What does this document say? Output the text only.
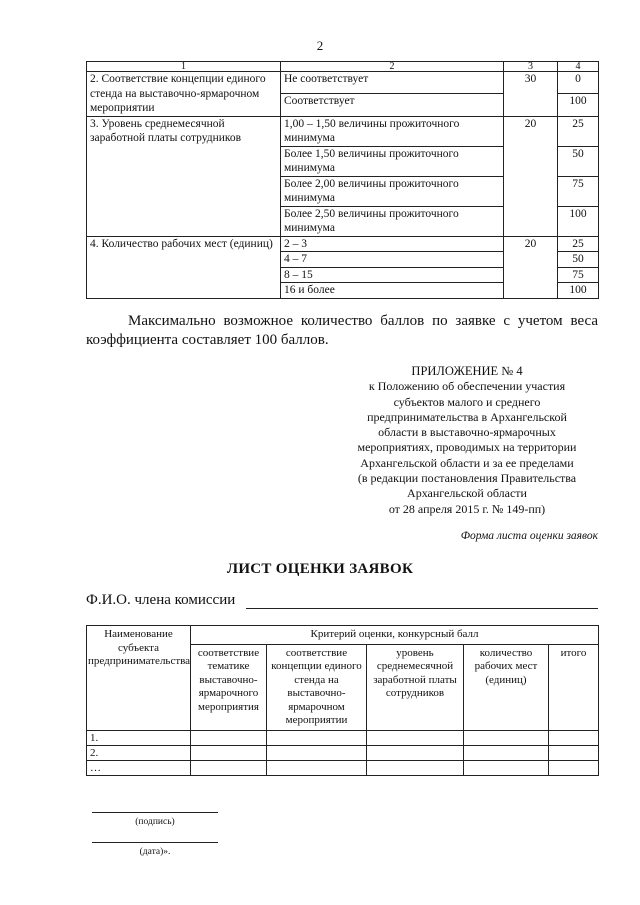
2
1	2	3	4
2. Соответствие концепции единого стенда на выставочно-ярмарочном мероприятии	Не соответствует	30	0
	Соответствует		100
3. Уровень среднемесячной заработной платы сотрудников	1,00 – 1,50 величины прожиточного минимума	20	25
	Более 1,50 величины прожиточного минимума		50
	Более 2,00 величины прожиточного минимума		75
	Более 2,50 величины прожиточного минимума		100
4. Количество рабочих мест (единиц)	2 – 3	20	25
	4 – 7		50
	8 – 15		75
	16 и более		100
Максимально возможное количество баллов по заявке с учетом веса коэффициента составляет 100 баллов.
ПРИЛОЖЕНИЕ № 4
к Положению об обеспечении участия
субъектов малого и среднего
предпринимательства в Архангельской
области в выставочно-ярмарочных
мероприятиях, проводимых на территории
Архангельской области и за ее пределами
(в редакции постановления Правительства
Архангельской области
от 28 апреля 2015 г. № 149-пп)
Форма листа оценки заявок
ЛИСТ ОЦЕНКИ ЗАЯВОК
Ф.И.О. члена комиссии
Наименование субъекта предпринимательства	Критерий оценки, конкурсный балл				
	соответствие тематике выставочно-ярмарочного мероприятия	соответствие концепции единого стенда на выставочно-ярмарочном мероприятии	уровень среднемесячной заработной платы сотрудников	количество рабочих мест (единиц)	итого
1.					
2.					
…					
(подпись)
(дата)».
